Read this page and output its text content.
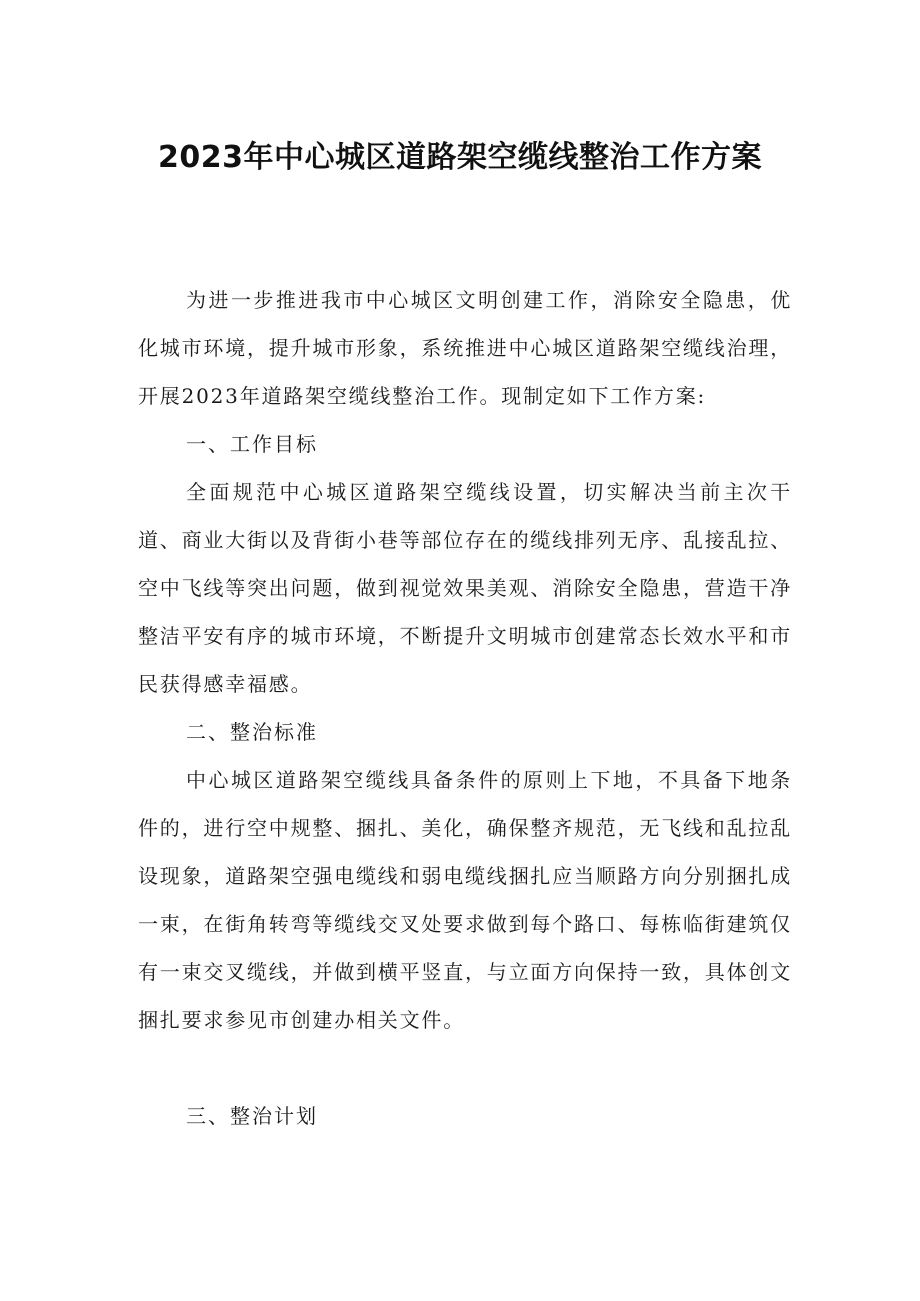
2023年中心城区道路架空缆线整治工作方案

为进一步推进我市中心城区文明创建工作，消除安全隐患，优化城市环境，提升城市形象，系统推进中心城区道路架空缆线治理，开展2023年道路架空缆线整治工作。现制定如下工作方案:

一、工作目标

全面规范中心城区道路架空缆线设置，切实解决当前主次干道、商业大街以及背街小巷等部位存在的缆线排列无序、乱接乱拉、空中飞线等突出问题，做到视觉效果美观、消除安全隐患，营造干净整洁平安有序的城市环境，不断提升文明城市创建常态长效水平和市民获得感幸福感。

二、整治标准

中心城区道路架空缆线具备条件的原则上下地，不具备下地条件的，进行空中规整、捆扎、美化，确保整齐规范，无飞线和乱拉乱设现象，道路架空强电缆线和弱电缆线捆扎应当顺路方向分别捆扎成一束，在街角转弯等缆线交叉处要求做到每个路口、每栋临街建筑仅有一束交叉缆线，并做到横平竖直，与立面方向保持一致，具体创文捆扎要求参见市创建办相关文件。

三、整治计划
